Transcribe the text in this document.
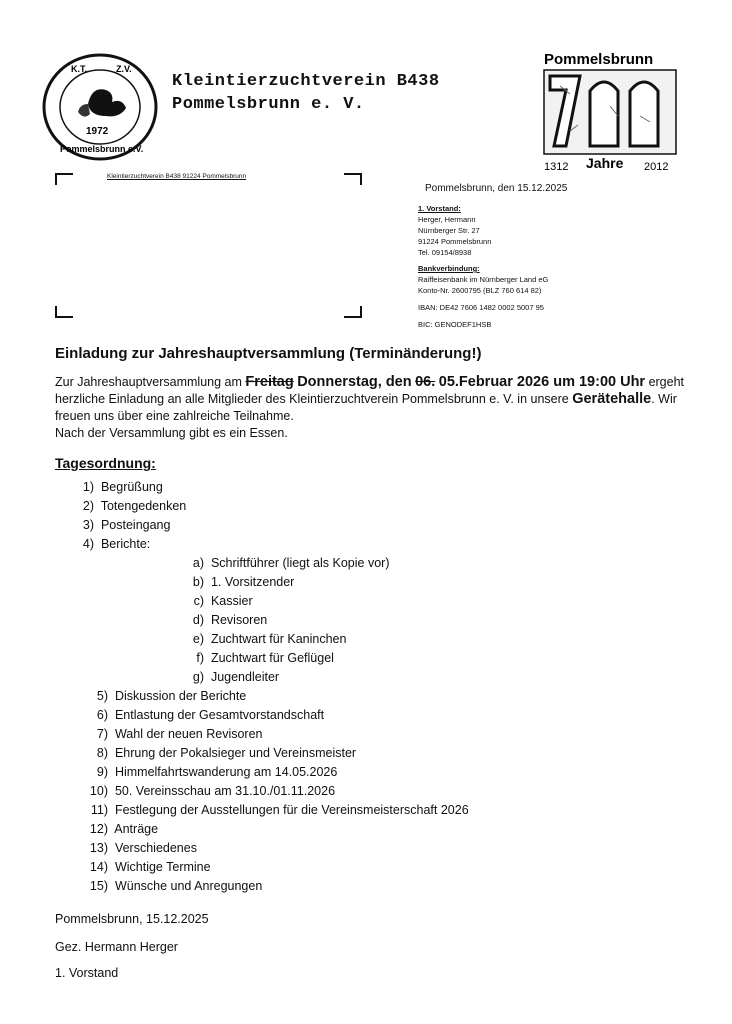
K.T.	Z.V.
1972
Pommelsbrunn e.V.
Kleintierzuchtverein B438
Pommelsbrunn e. V.
Pommelsbrunn
700
1312 Jahre 2012
Kleintierzuchtverein B438 91224 Pommelsbrunn
Pommelsbrunn, den 15.12.2025
1. Vorstand:
Herger, Hermann
Nürnberger Str. 27
91224 Pommelsbrunn
Tel. 09154/8938
Bankverbindung:
Raiffeisenbank im Nürnberger Land eG
Konto-Nr. 2600795 (BLZ 760 614 82)
IBAN: DE42 7606 1482 0002 5007 95
BIC: GENODEF1HSB
Einladung zur Jahreshauptversammlung (Terminänderung!)
Zur Jahreshauptversammlung am Freitag Donnerstag, den 06. 05.Februar 2026 um 19:00 Uhr ergeht herzliche Einladung an alle Mitglieder des Kleintierzuchtverein Pommelsbrunn e. V. in unsere Gerätehalle. Wir freuen uns über eine zahlreiche Teilnahme.
Nach der Versammlung gibt es ein Essen.
Tagesordnung:
1) Begrüßung
2) Totengedenken
3) Posteingang
4) Berichte:
a) Schriftführer (liegt als Kopie vor)
b) 1. Vorsitzender
c) Kassier
d) Revisoren
e) Zuchtwart für Kaninchen
f) Zuchtwart für Geflügel
g) Jugendleiter
5) Diskussion der Berichte
6) Entlastung der Gesamtvorstandschaft
7) Wahl der neuen Revisoren
8) Ehrung der Pokalsieger und Vereinsmeister
9) Himmelfahrtswanderung am 14.05.2026
10) 50. Vereinsschau am 31.10./01.11.2026
11) Festlegung der Ausstellungen für die Vereinsmeisterschaft 2026
12)  Anträge
13) Verschiedenes
14) Wichtige Termine
15) Wünsche und Anregungen
Pommelsbrunn, 15.12.2025
Gez. Hermann Herger
1. Vorstand
